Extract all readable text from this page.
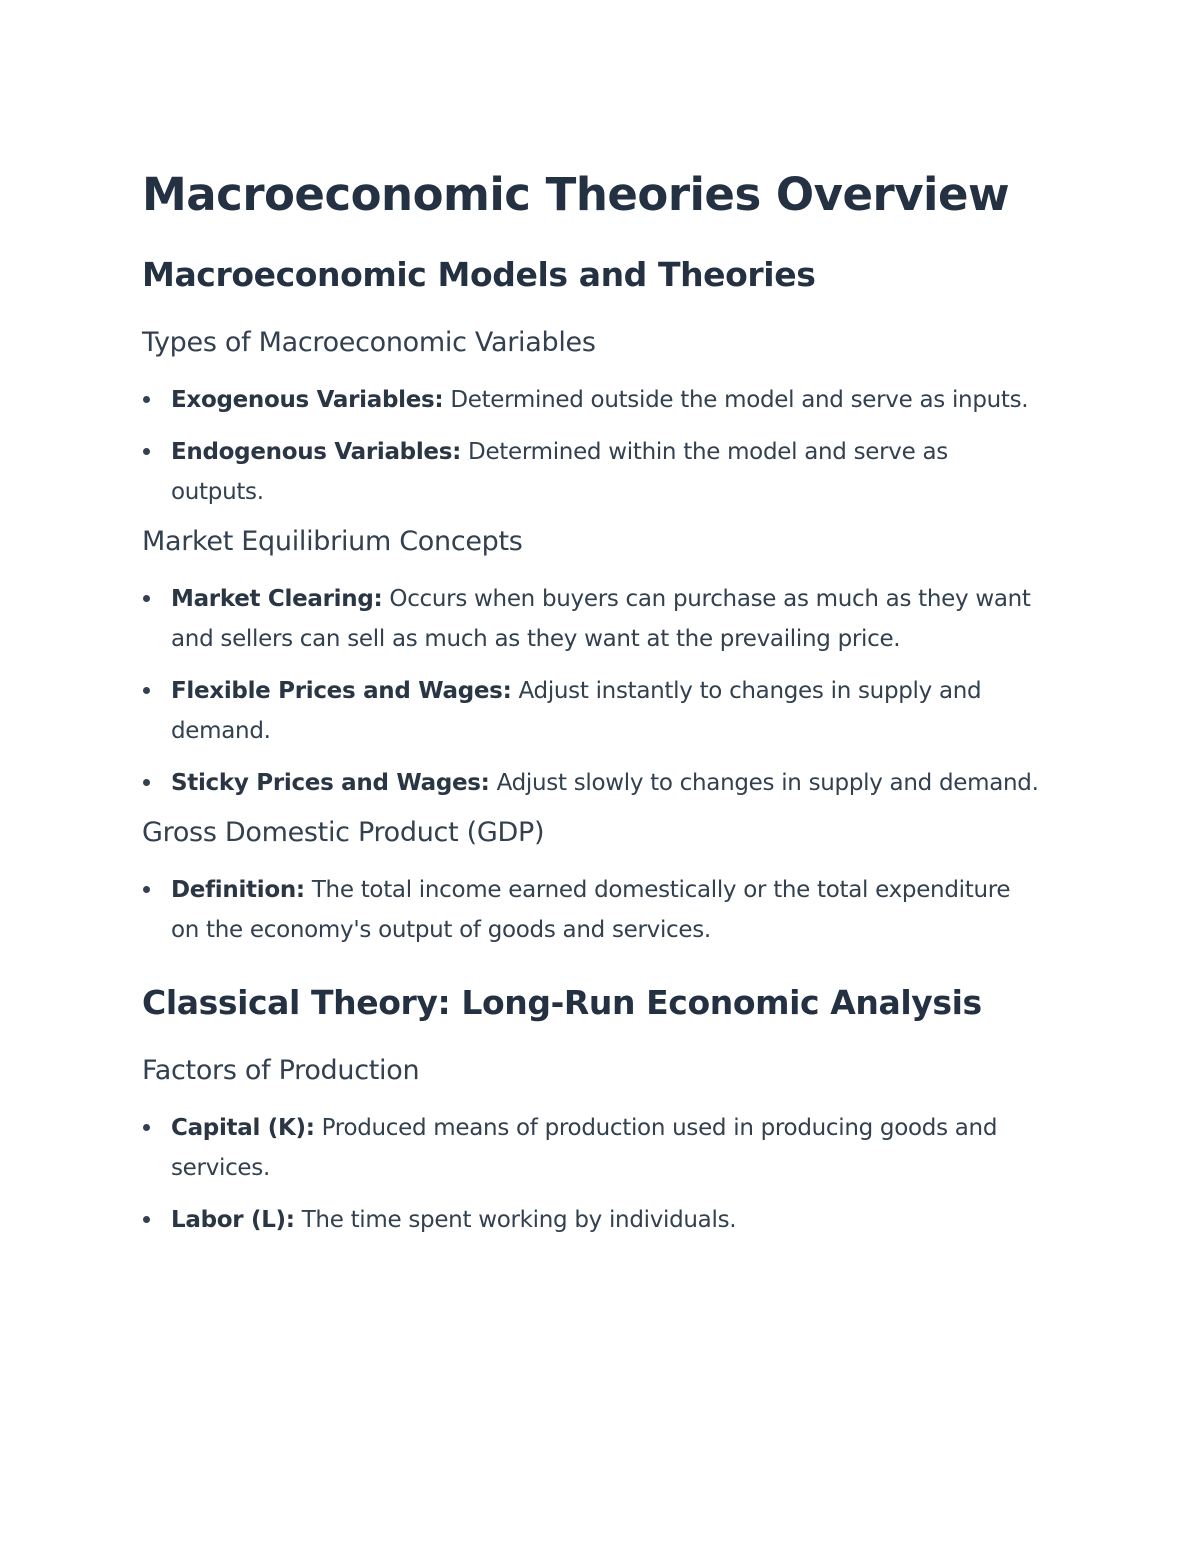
Macroeconomic Theories Overview
Macroeconomic Models and Theories
Types of Macroeconomic Variables
Exogenous Variables: Determined outside the model and serve as inputs.
Endogenous Variables: Determined within the model and serve as outputs.
Market Equilibrium Concepts
Market Clearing: Occurs when buyers can purchase as much as they want and sellers can sell as much as they want at the prevailing price.
Flexible Prices and Wages: Adjust instantly to changes in supply and demand.
Sticky Prices and Wages: Adjust slowly to changes in supply and demand.
Gross Domestic Product (GDP)
Definition: The total income earned domestically or the total expenditure on the economy's output of goods and services.
Classical Theory: Long-Run Economic Analysis
Factors of Production
Capital (K): Produced means of production used in producing goods and services.
Labor (L): The time spent working by individuals.
